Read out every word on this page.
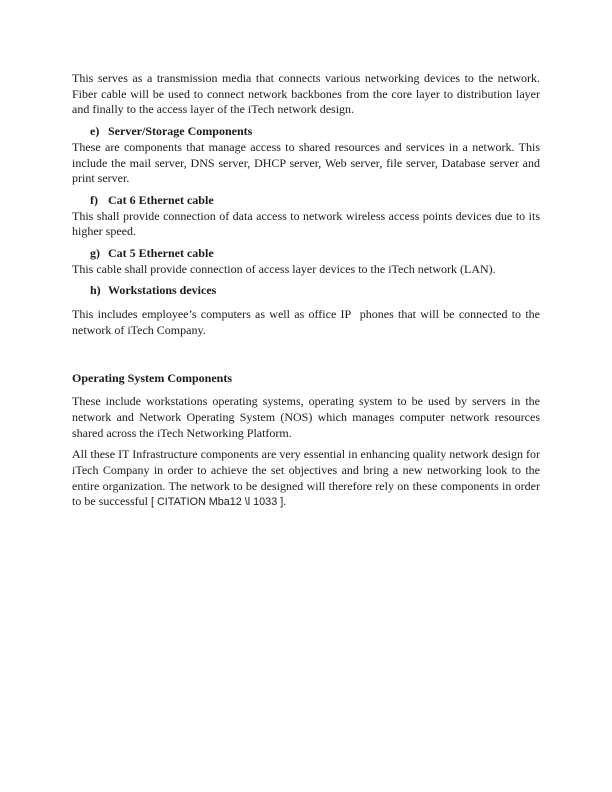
This serves as a transmission media that connects various networking devices to the network. Fiber cable will be used to connect network backbones from the core layer to distribution layer and finally to the access layer of the iTech network design.

e) Server/Storage Components

These are components that manage access to shared resources and services in a network. This include the mail server, DNS server, DHCP server, Web server, file server, Database server and print server.

f) Cat 6 Ethernet cable

This shall provide connection of data access to network wireless access points devices due to its higher speed.

g) Cat 5 Ethernet cable

This cable shall provide connection of access layer devices to the iTech network (LAN).

h) Workstations devices

This includes employee’s computers as well as office IP  phones that will be connected to the network of iTech Company.

Operating System Components

These include workstations operating systems, operating system to be used by servers in the network and Network Operating System (NOS) which manages computer network resources shared across the iTech Networking Platform.

All these IT Infrastructure components are very essential in enhancing quality network design for iTech Company in order to achieve the set objectives and bring a new networking look to the entire organization. The network to be designed will therefore rely on these components in order to be successful [ CITATION Mba12 \l 1033 ].
